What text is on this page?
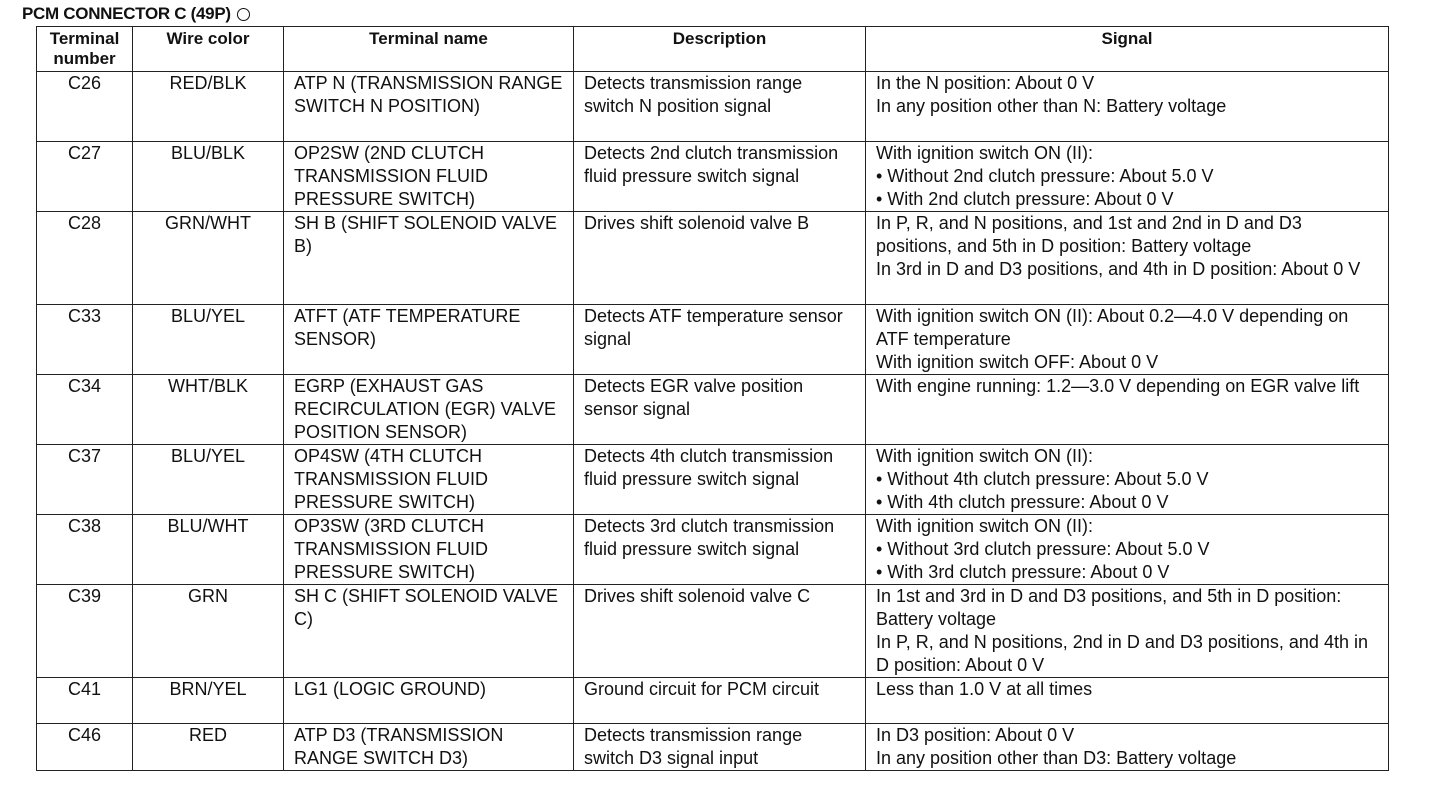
PCM CONNECTOR C (49P)
Terminal number	Wire color	Terminal name	Description	Signal
C26	RED/BLK	ATP N (TRANSMISSION RANGE SWITCH N POSITION)	Detects transmission range switch N position signal	In the N position: About 0 V
In any position other than N: Battery voltage

C27	BLU/BLK	OP2SW (2ND CLUTCH TRANSMISSION FLUID PRESSURE SWITCH)	Detects 2nd clutch transmission fluid pressure switch signal	With ignition switch ON (II):
• Without 2nd clutch pressure: About 5.0 V
• With 2nd clutch pressure: About 0 V

C28	GRN/WHT	SH B (SHIFT SOLENOID VALVE B)	Drives shift solenoid valve B	In P, R, and N positions, and 1st and 2nd in D and D3 positions, and 5th in D position: Battery voltage
In 3rd in D and D3 positions, and 4th in D position: About 0 V

C33	BLU/YEL	ATFT (ATF TEMPERATURE SENSOR)	Detects ATF temperature sensor signal	With ignition switch ON (II): About 0.2—4.0 V depending on ATF temperature
With ignition switch OFF: About 0 V

C34	WHT/BLK	EGRP (EXHAUST GAS RECIRCULATION (EGR) VALVE POSITION SENSOR)	Detects EGR valve position sensor signal	With engine running: 1.2—3.0 V depending on EGR valve lift

C37	BLU/YEL	OP4SW (4TH CLUTCH TRANSMISSION FLUID PRESSURE SWITCH)	Detects 4th clutch transmission fluid pressure switch signal	With ignition switch ON (II):
• Without 4th clutch pressure: About 5.0 V
• With 4th clutch pressure: About 0 V

C38	BLU/WHT	OP3SW (3RD CLUTCH TRANSMISSION FLUID PRESSURE SWITCH)	Detects 3rd clutch transmission fluid pressure switch signal	With ignition switch ON (II):
• Without 3rd clutch pressure: About 5.0 V
• With 3rd clutch pressure: About 0 V

C39	GRN	SH C (SHIFT SOLENOID VALVE C)	Drives shift solenoid valve C	In 1st and 3rd in D and D3 positions, and 5th in D position: Battery voltage
In P, R, and N positions, 2nd in D and D3 positions, and 4th in D position: About 0 V

C41	BRN/YEL	LG1 (LOGIC GROUND)	Ground circuit for PCM circuit	Less than 1.0 V at all times

C46	RED	ATP D3 (TRANSMISSION RANGE SWITCH D3)	Detects transmission range switch D3 signal input	In D3 position: About 0 V
In any position other than D3: Battery voltage
